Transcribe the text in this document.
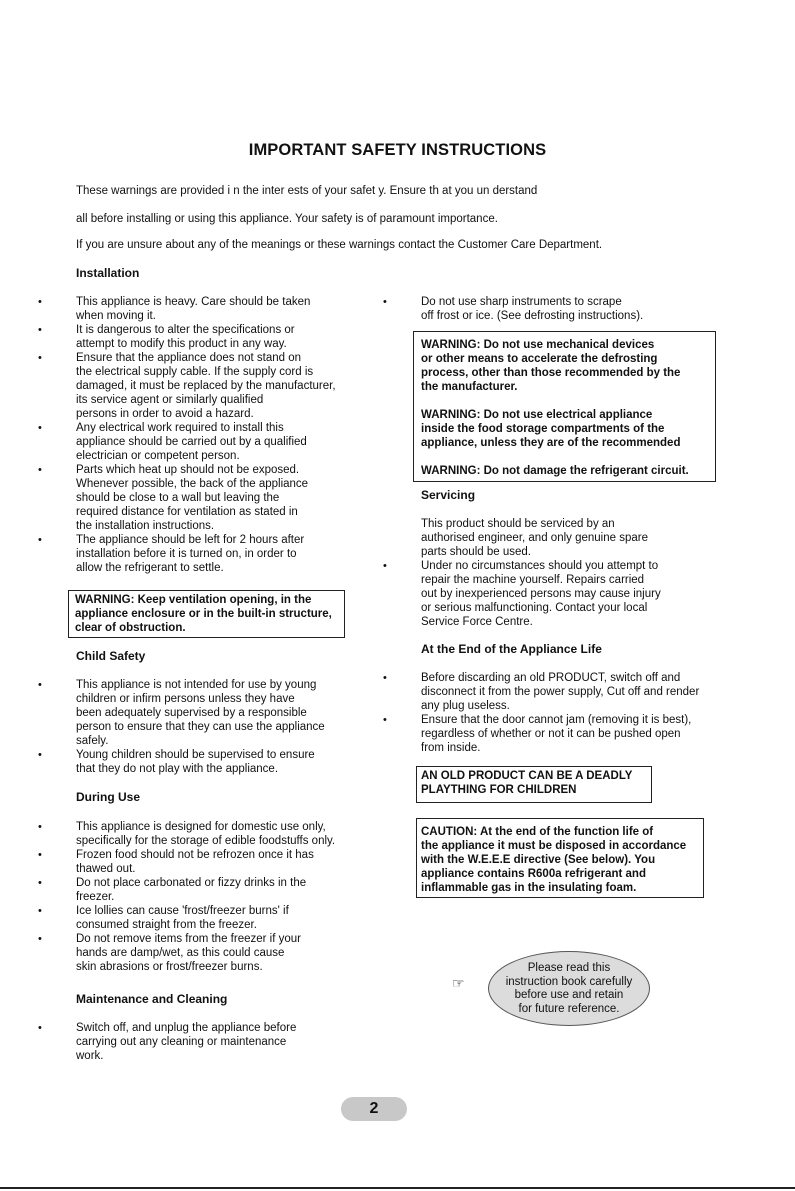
IMPORTANT SAFETY INSTRUCTIONS

These warnings are provided i n the inter ests of your safet y. Ensure th at you un derstand

all before installing or using this appliance. Your safety is of paramount importance.

If you are unsure about any of the meanings or these warnings contact the Customer Care Department.

Installation

•	This appliance is heavy. Care should be taken
when moving it.
•	It is dangerous to alter the specifications or
attempt to modify this product in any way.
•	Ensure that the appliance does not stand on
the electrical supply cable. If the supply cord is
damaged, it must be replaced by the manufacturer,
its service agent or similarly qualified
persons in order to avoid a hazard.
•	Any electrical work required to install this
appliance should be carried out by a qualified
electrician or competent person.
•	Parts which heat up should not be exposed.
Whenever possible, the back of the appliance
should be close to a wall but leaving the
required distance for ventilation as stated in
the installation instructions.
•	The appliance should be left for 2 hours after
installation before it is turned on, in order to
allow the refrigerant to settle.
WARNING: Keep ventilation opening, in the
appliance enclosure or in the built-in structure,
clear of obstruction.

Child Safety

•	This appliance is not intended for use by young
children or infirm persons unless they have
been adequately supervised by a responsible
person to ensure that they can use the appliance
safely.
•	Young children should be supervised to ensure
that they do not play with the appliance.

During Use

•	This appliance is designed for domestic use only,
specifically for the storage of edible foodstuffs only.
•	Frozen food should not be refrozen once it has
thawed out.
•	Do not place carbonated or fizzy drinks in the
freezer.
•	Ice lollies can cause 'frost/freezer burns' if
consumed straight from the freezer.
•	Do not remove items from the freezer if your
hands are damp/wet, as this could cause
skin abrasions or frost/freezer burns.

Maintenance and Cleaning

•	Switch off, and unplug the appliance before
carrying out any cleaning or maintenance
work.
•	Do not use sharp instruments to scrape
off frost or ice. (See defrosting instructions).
WARNING: Do not use mechanical devices
or other means to accelerate the defrosting
process, other than those recommended by the
the manufacturer.
WARNING: Do not use electrical appliance
inside the food storage compartments of the
appliance, unless they are of the recommended
WARNING: Do not damage the refrigerant circuit.

Servicing

This product should be serviced by an
authorised engineer, and only genuine spare
parts should be used.
•	Under no circumstances should you attempt to
repair the machine yourself. Repairs carried
out by inexperienced persons may cause injury
or serious malfunctioning. Contact your local
Service Force Centre.

At the End of the Appliance Life

•	Before discarding an old PRODUCT, switch off and
disconnect it from the power supply, Cut off and render
any plug useless.
•	Ensure that the door cannot jam (removing it is best),
regardless of whether or not it can be pushed open
from inside.
AN OLD PRODUCT CAN BE A DEADLY
PLAYTHING FOR CHILDREN
CAUTION: At the end of the function life of
the appliance it must be disposed in accordance
with the W.E.E.E directive (See below). You
appliance contains R600a refrigerant and
inflammable gas in the insulating foam.
☞
Please read this
instruction book carefully
before use and retain
for future reference.
2
